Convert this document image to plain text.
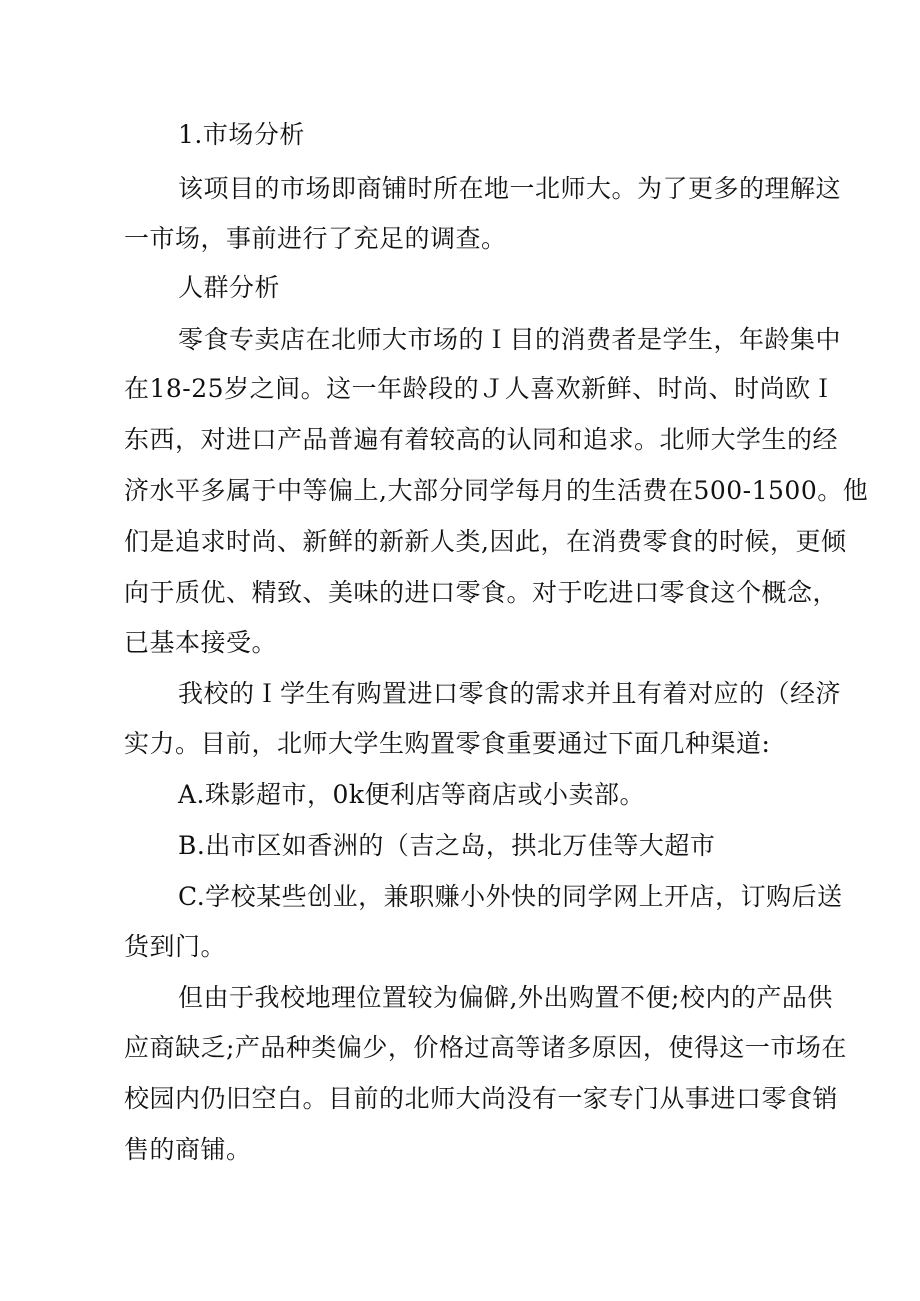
1.市场分析

该项目的市场即商铺时所在地一北师大。为了更多的理解这

一市场，事前进行了充足的调查。

人群分析

零食专卖店在北师大市场的Ｉ目的消费者是学生，年龄集中

在18-25岁之间。这一年龄段的Ｊ人喜欢新鲜、时尚、时尚欧Ｉ

东西，对进口产品普遍有着较高的认同和追求。北师大学生的经

济水平多属于中等偏上,大部分同学每月的生活费在500-1500。他

们是追求时尚、新鲜的新新人类,因此，在消费零食的时候，更倾

向于质优、精致、美味的进口零食。对于吃进口零食这个概念，

已基本接受。

我校的Ｉ学生有购置进口零食的需求并且有着对应的（经济

实力。目前，北师大学生购置零食重要通过下面几种渠道:

A.珠影超市，0k便利店等商店或小卖部。

B.出市区如香洲的（吉之岛，拱北万佳等大超市

C.学校某些创业，兼职赚小外快的同学网上开店，订购后送

货到门。

但由于我校地理位置较为偏僻,外出购置不便;校内的产品供

应商缺乏;产品种类偏少，价格过高等诸多原因，使得这一市场在

校园内仍旧空白。目前的北师大尚没有一家专门从事进口零食销

售的商铺。
